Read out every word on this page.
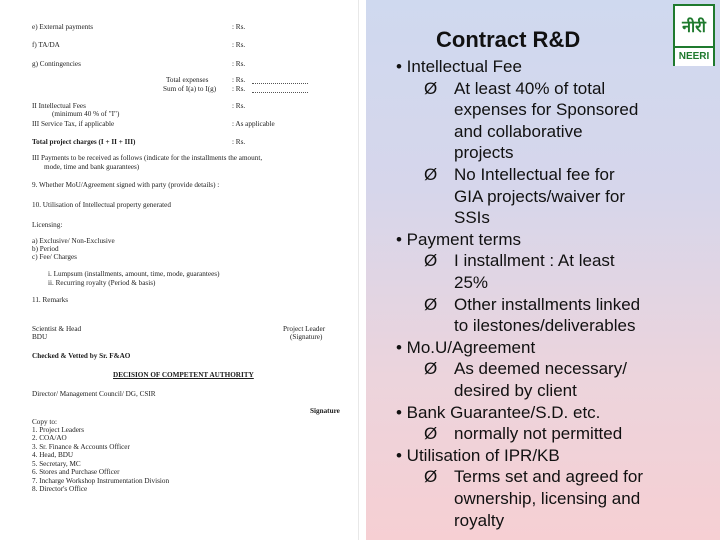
e) External payments	: Rs.
f) TA/DA	: Rs.
g) Contingencies	: Rs.
Total expenses	: Rs.
Sum of I(a) to I(g) : Rs.
II Intellectual Fees	: Rs.
(minimum 40 % of "I")
III Service Tax, if applicable	: As applicable
Total project charges (I + II + III)	: Rs.
III Payments to be received as follows (indicate for the installments the amount,
mode, time and bank guarantees)
9. Whether MoU/Agreement signed with party (provide details) :
10. Utilisation of Intellectual property generated
Licensing:
a) Exclusive/ Non-Exclusive
b) Period
c) Fee/ Charges
i. Lumpsum (installments, amount, time, mode, guarantees)
ii. Recurring royalty (Period & basis)
11. Remarks
Scientist & Head	Project Leader
BDU	(Signature)
Checked & Vetted by Sr. F&AO
DECISION OF COMPETENT AUTHORITY
Director/ Management Council/ DG, CSIR
Signature
Copy to:
1. Project Leaders
2. COA/AO
3. Sr. Finance & Accounts Officer
4. Head, BDU
5. Secretary, MC
6. Stores and Purchase Officer
7. Incharge Workshop Instrumentation Division
8. Director's Office
Contract R&D	नीरी
NEERI
• Intellectual Fee
Ø At least 40% of total
expenses for Sponsored
and collaborative
projects
Ø No Intellectual fee for
GIA projects/waiver for
SSIs
• Payment terms
Ø I installment : At least
25%
Ø Other installments linked
to ilestones/deliverables
• Mo.U/Agreement
Ø As deemed necessary/
desired by client
• Bank Guarantee/S.D. etc.
Ø normally not permitted
• Utilisation of IPR/KB
Ø Terms set and agreed for
ownership, licensing and
royalty
